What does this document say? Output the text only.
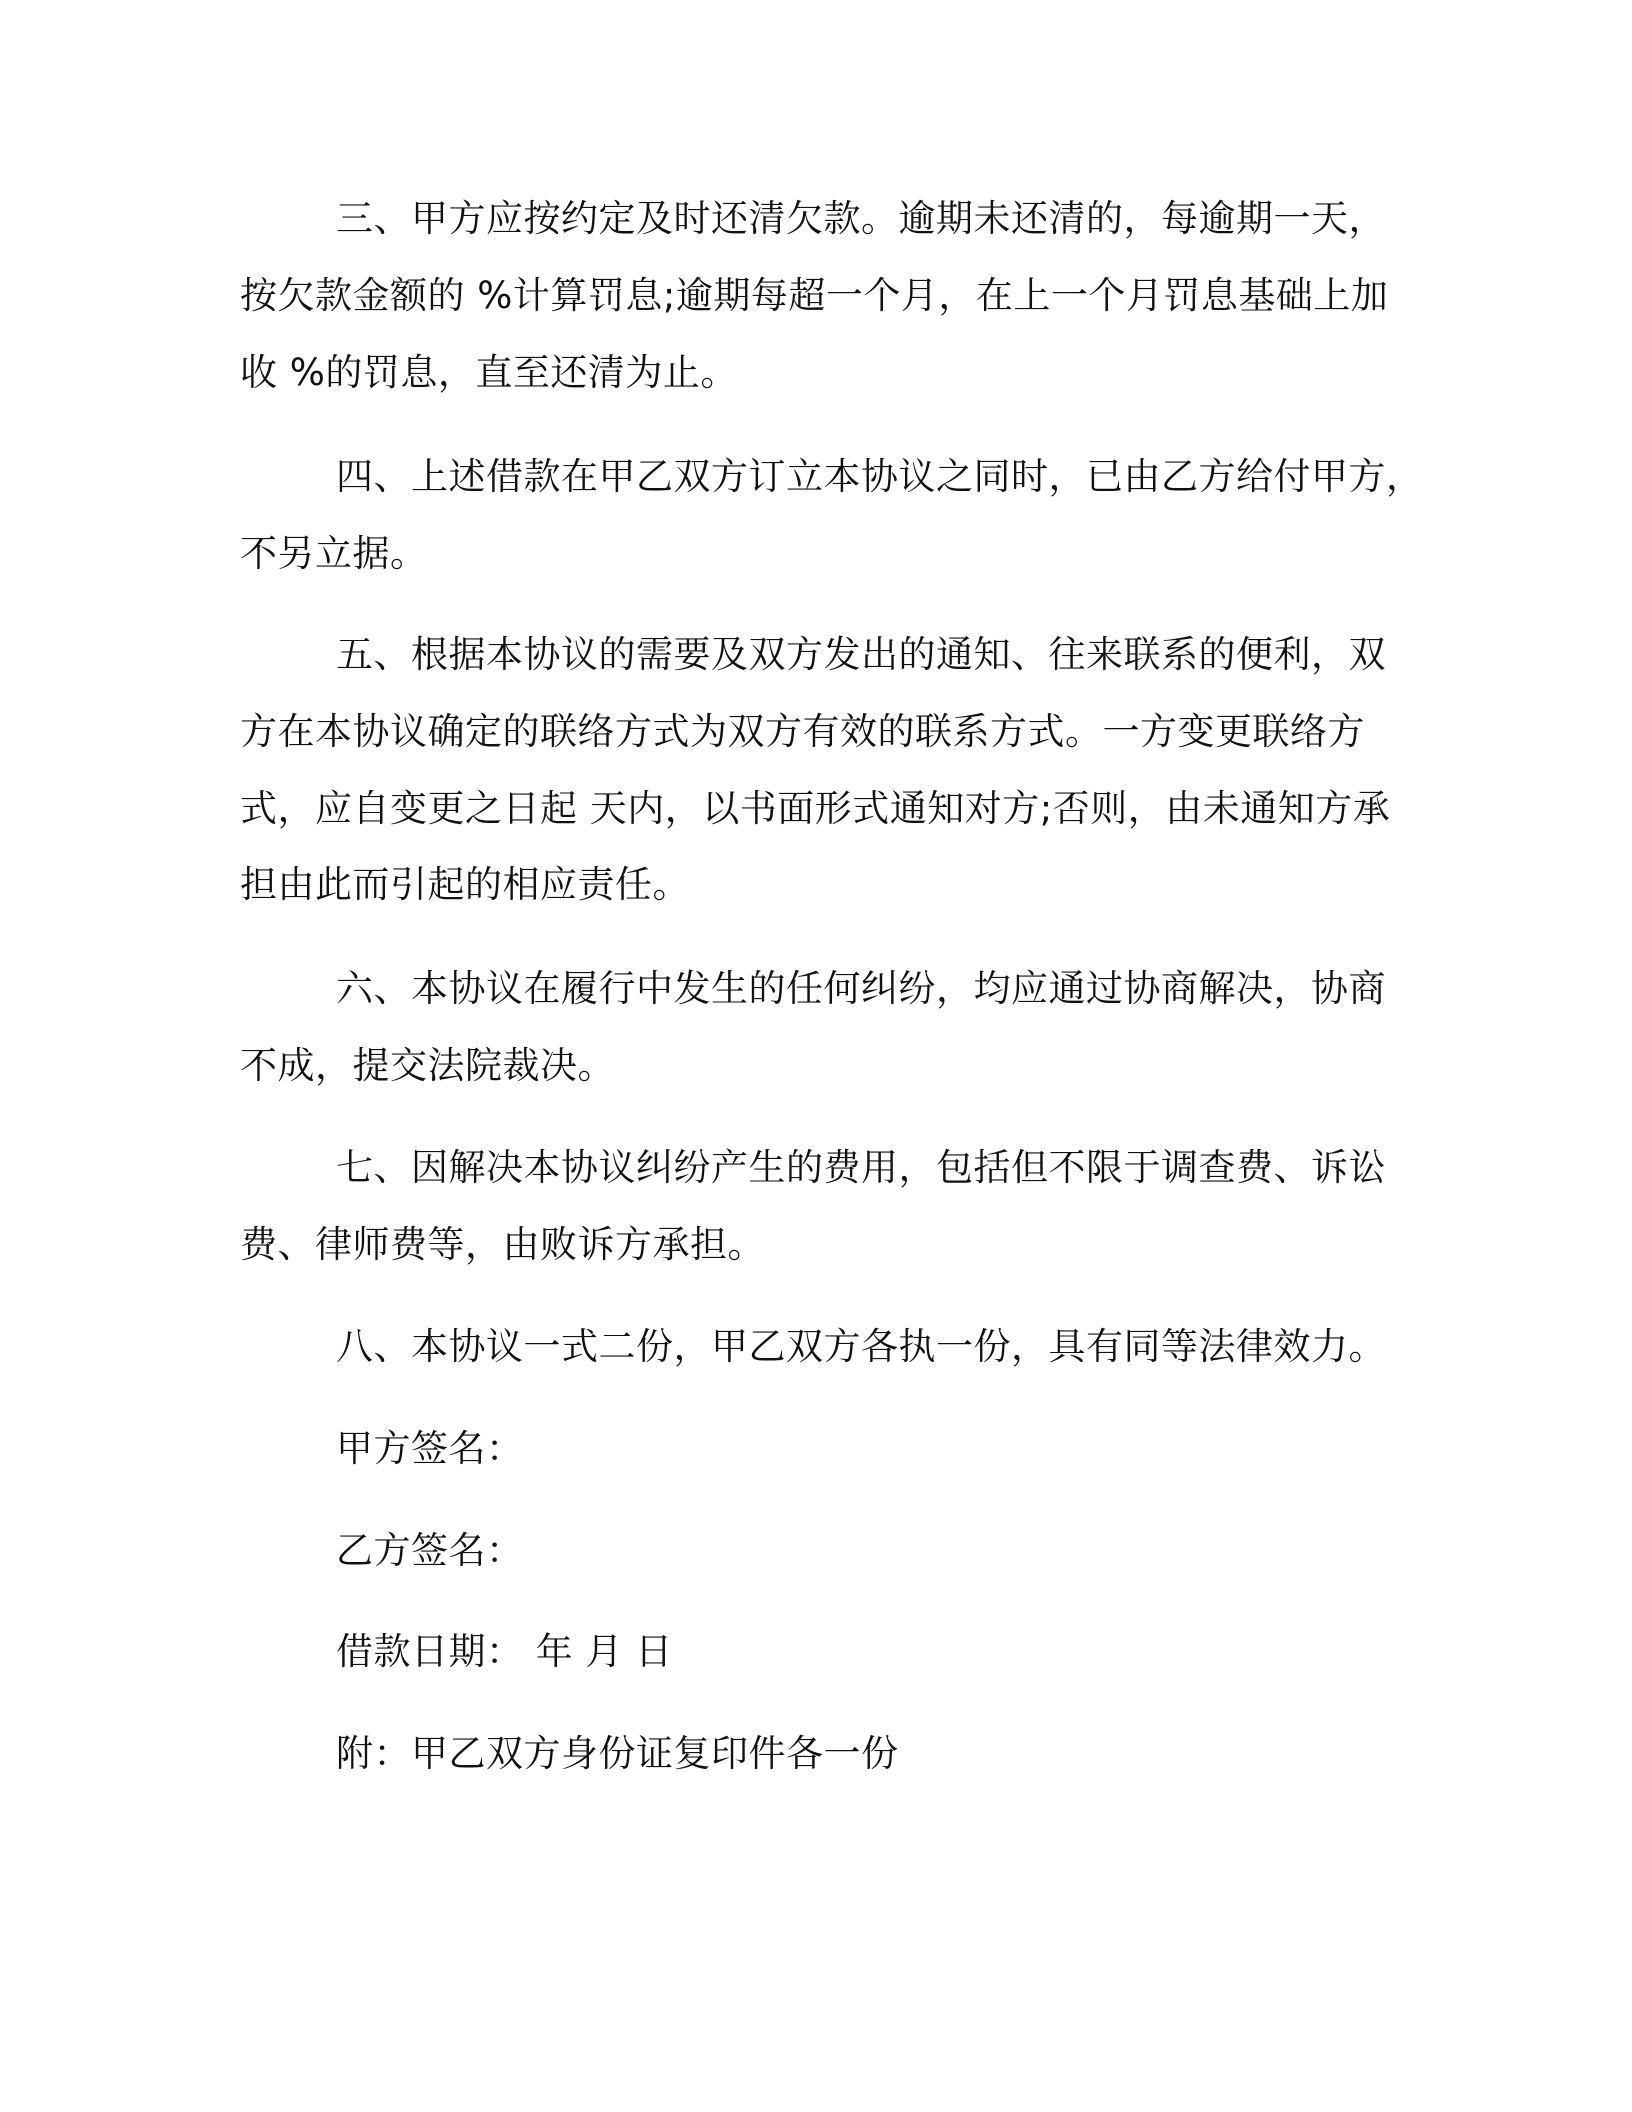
三、甲方应按约定及时还清欠款。逾期未还清的，每逾期一天，
按欠款金额的 %计算罚息;逾期每超一个月，在上一个月罚息基础上加
收 %的罚息，直至还清为止。
四、上述借款在甲乙双方订立本协议之同时，已由乙方给付甲方，
不另立据。
五、根据本协议的需要及双方发出的通知、往来联系的便利，双
方在本协议确定的联络方式为双方有效的联系方式。一方变更联络方
式，应自变更之日起 天内，以书面形式通知对方;否则，由未通知方承
担由此而引起的相应责任。
六、本协议在履行中发生的任何纠纷，均应通过协商解决，协商
不成，提交法院裁决。
七、因解决本协议纠纷产生的费用，包括但不限于调查费、诉讼
费、律师费等，由败诉方承担。
八、本协议一式二份，甲乙双方各执一份，具有同等法律效力。
甲方签名：
乙方签名：
借款日期： 年 月 日
附：甲乙双方身份证复印件各一份
